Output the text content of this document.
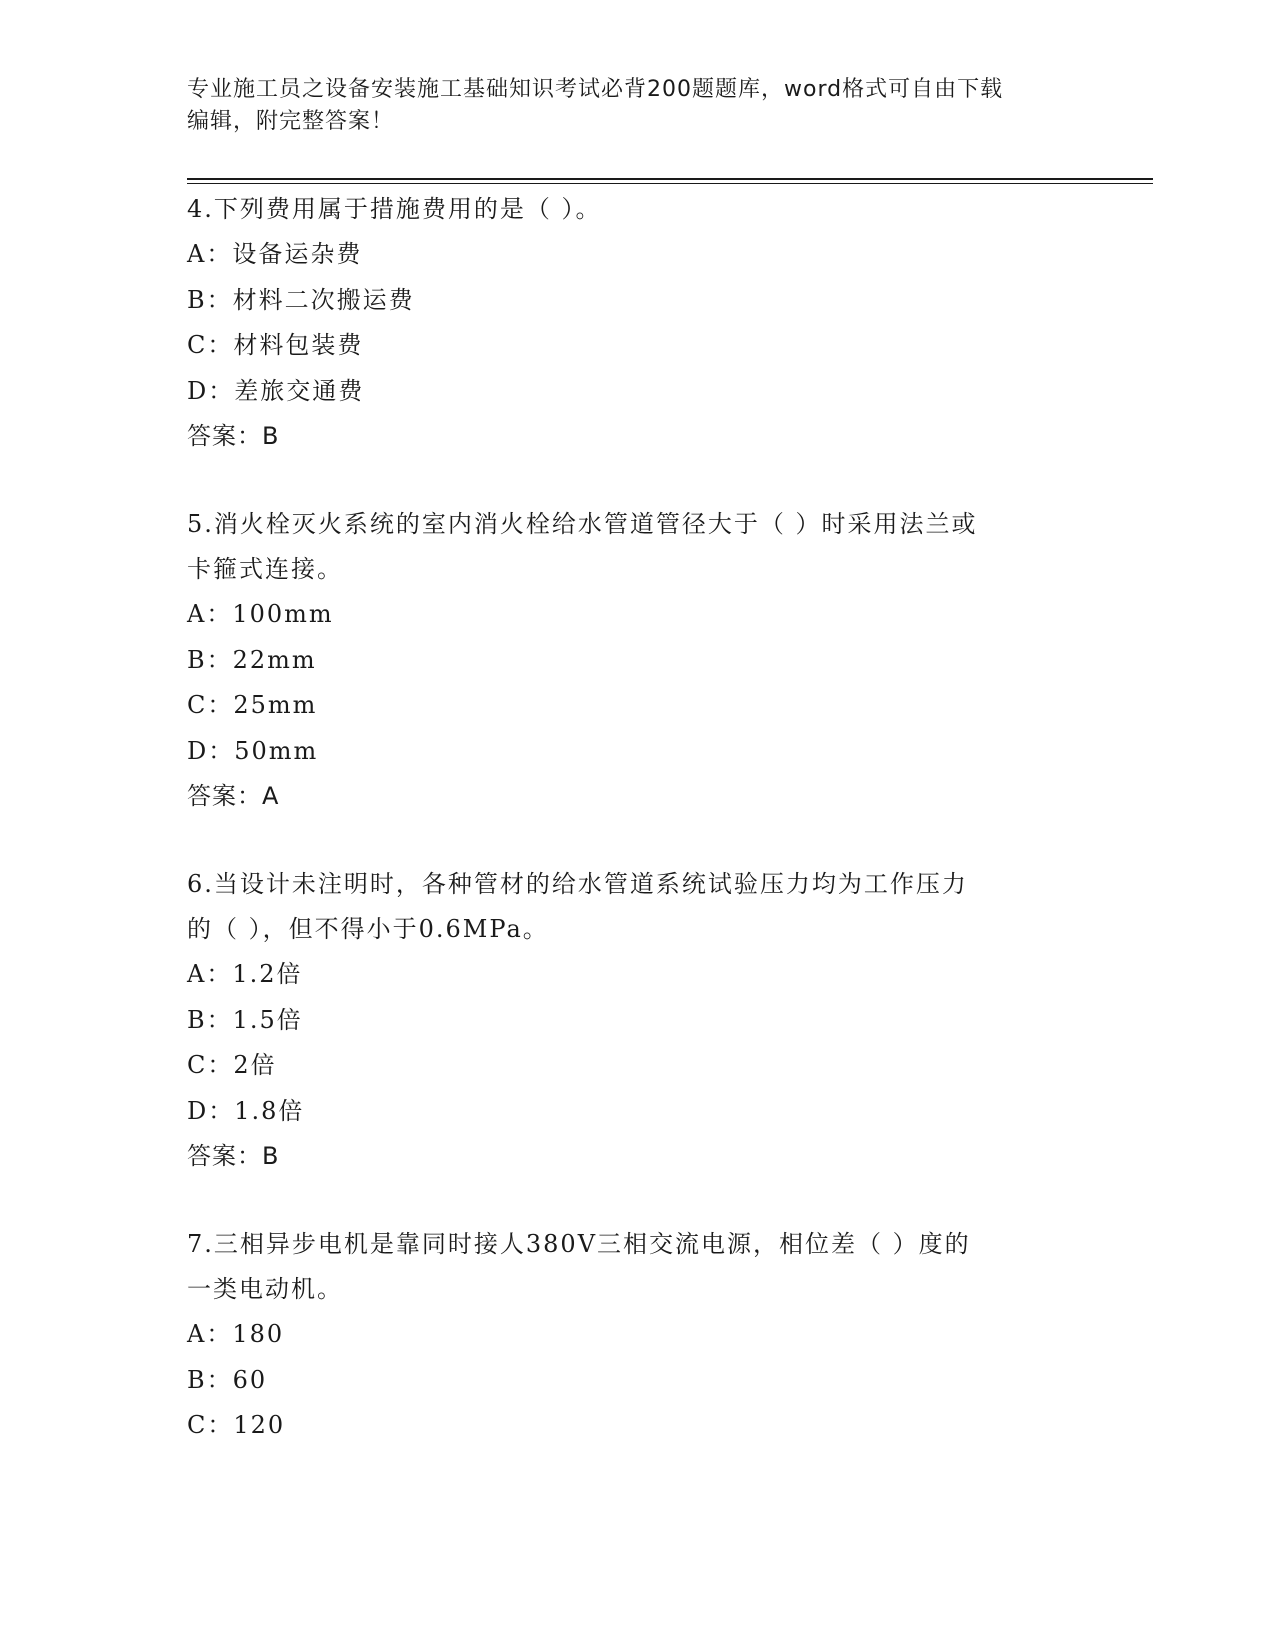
专业施工员之设备安装施工基础知识考试必背200题题库，word格式可自由下载
编辑，附完整答案！

4.下列费用属于措施费用的是（ ）。

A：设备运杂费

B：材料二次搬运费

C：材料包装费

D：差旅交通费

答案：B

5.消火栓灭火系统的室内消火栓给水管道管径大于（ ）时采用法兰或

卡箍式连接。

A：100mm

B：22mm

C：25mm

D：50mm

答案：A

6.当设计未注明时，各种管材的给水管道系统试验压力均为工作压力

的（ ），但不得小于0.6MPa。

A：1.2倍

B：1.5倍

C：2倍

D：1.8倍

答案：B

7.三相异步电机是靠同时接人380V三相交流电源，相位差（ ）度的

一类电动机。

A：180

B：60

C：120
